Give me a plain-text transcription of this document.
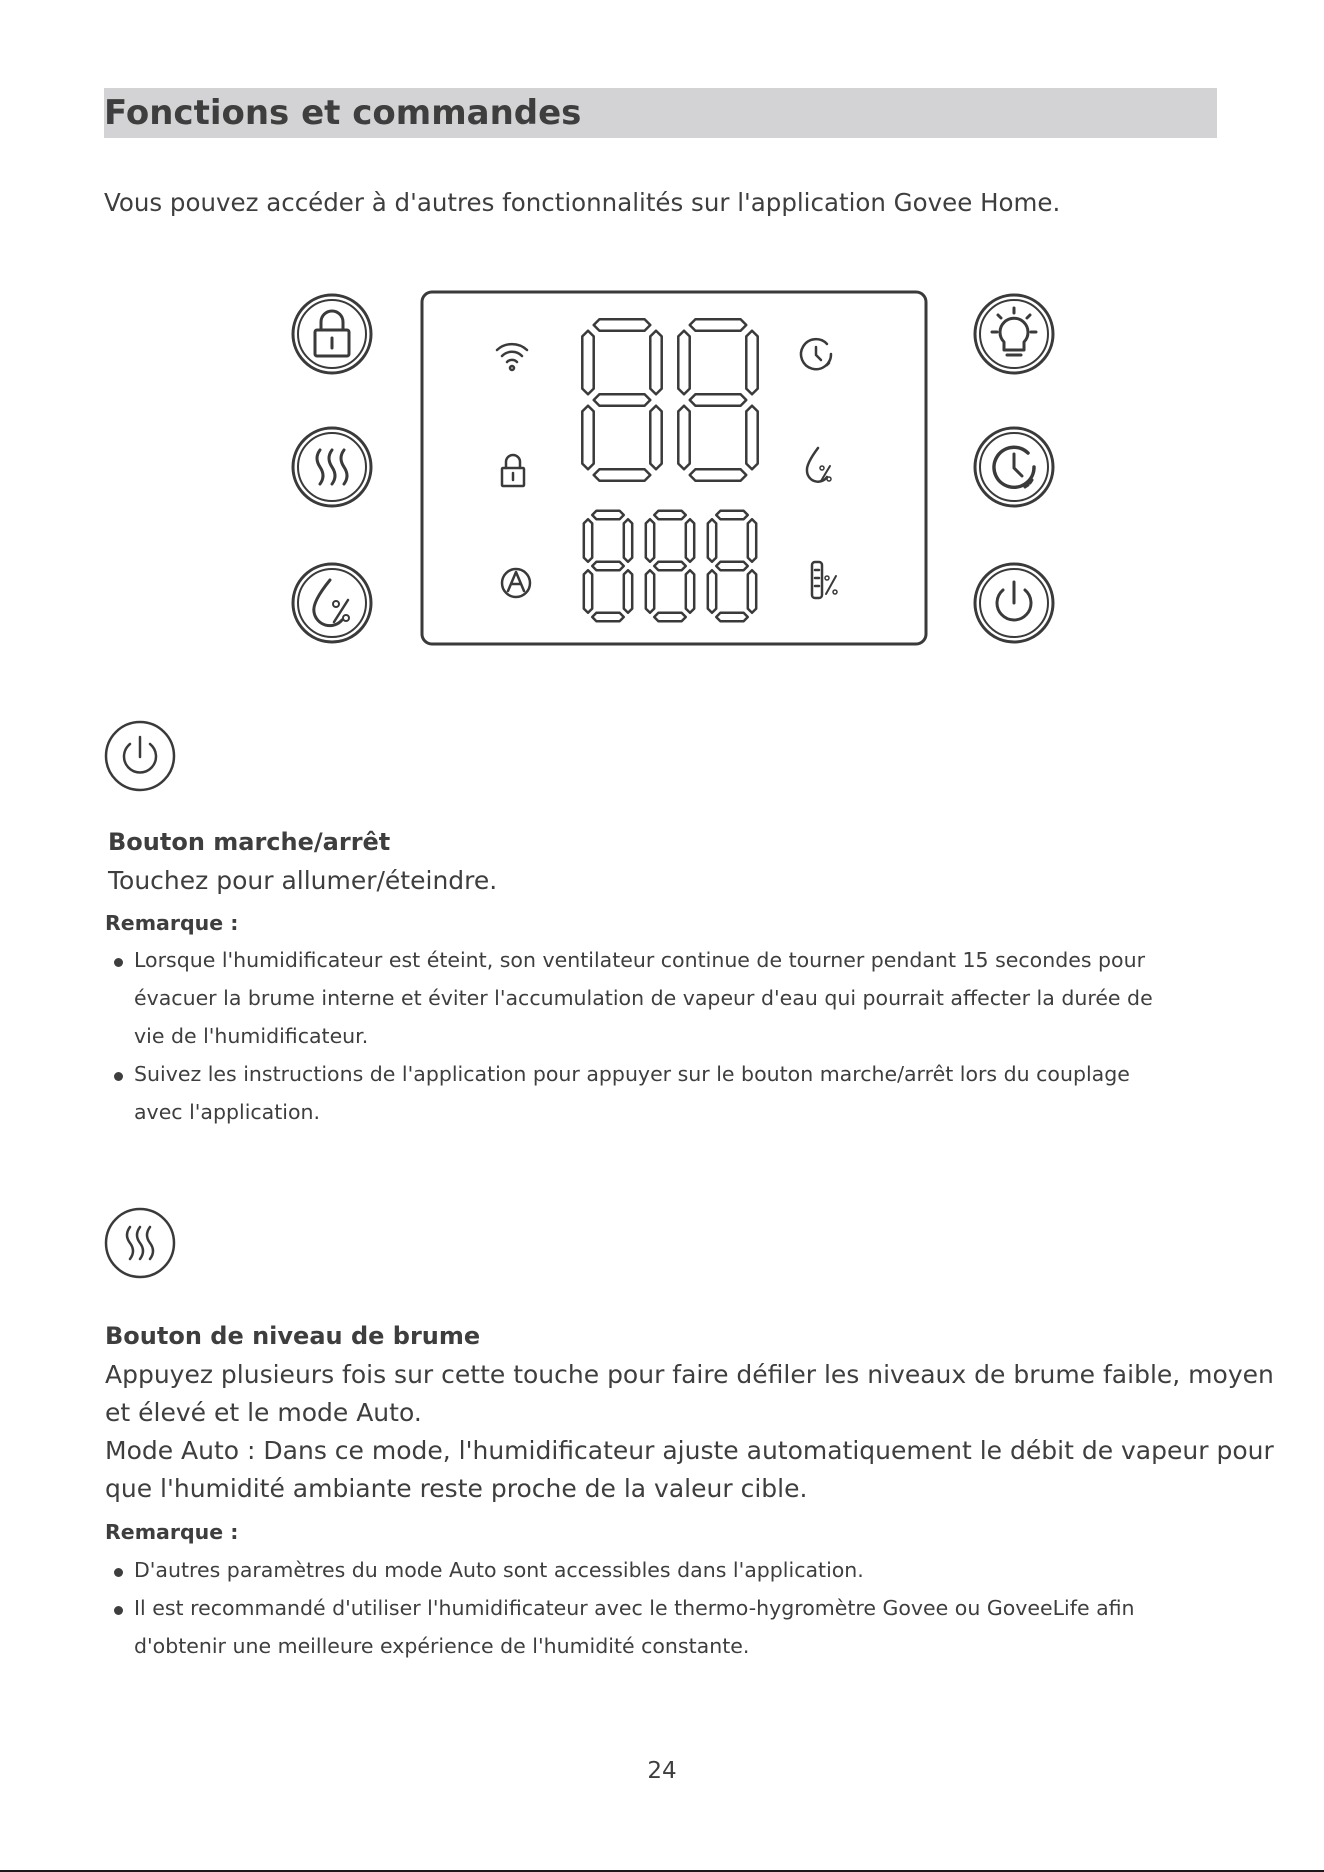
Fonctions et commandes
Vous pouvez accéder à d'autres fonctionnalités sur l'application Govee Home.
Bouton marche/arrêt
Touchez pour allumer/éteindre.
Remarque :
Lorsque l'humidificateur est éteint, son ventilateur continue de tourner pendant 15 secondes pour
évacuer la brume interne et éviter l'accumulation de vapeur d'eau qui pourrait affecter la durée de
vie de l'humidificateur.
Suivez les instructions de l'application pour appuyer sur le bouton marche/arrêt lors du couplage
avec l'application.
Bouton de niveau de brume
Appuyez plusieurs fois sur cette touche pour faire défiler les niveaux de brume faible, moyen
et élevé et le mode Auto.
Mode Auto : Dans ce mode, l'humidificateur ajuste automatiquement le débit de vapeur pour
que l'humidité ambiante reste proche de la valeur cible.
Remarque :
D'autres paramètres du mode Auto sont accessibles dans l'application.
Il est recommandé d'utiliser l'humidificateur avec le thermo-hygromètre Govee ou GoveeLife afin
d'obtenir une meilleure expérience de l'humidité constante.
24
